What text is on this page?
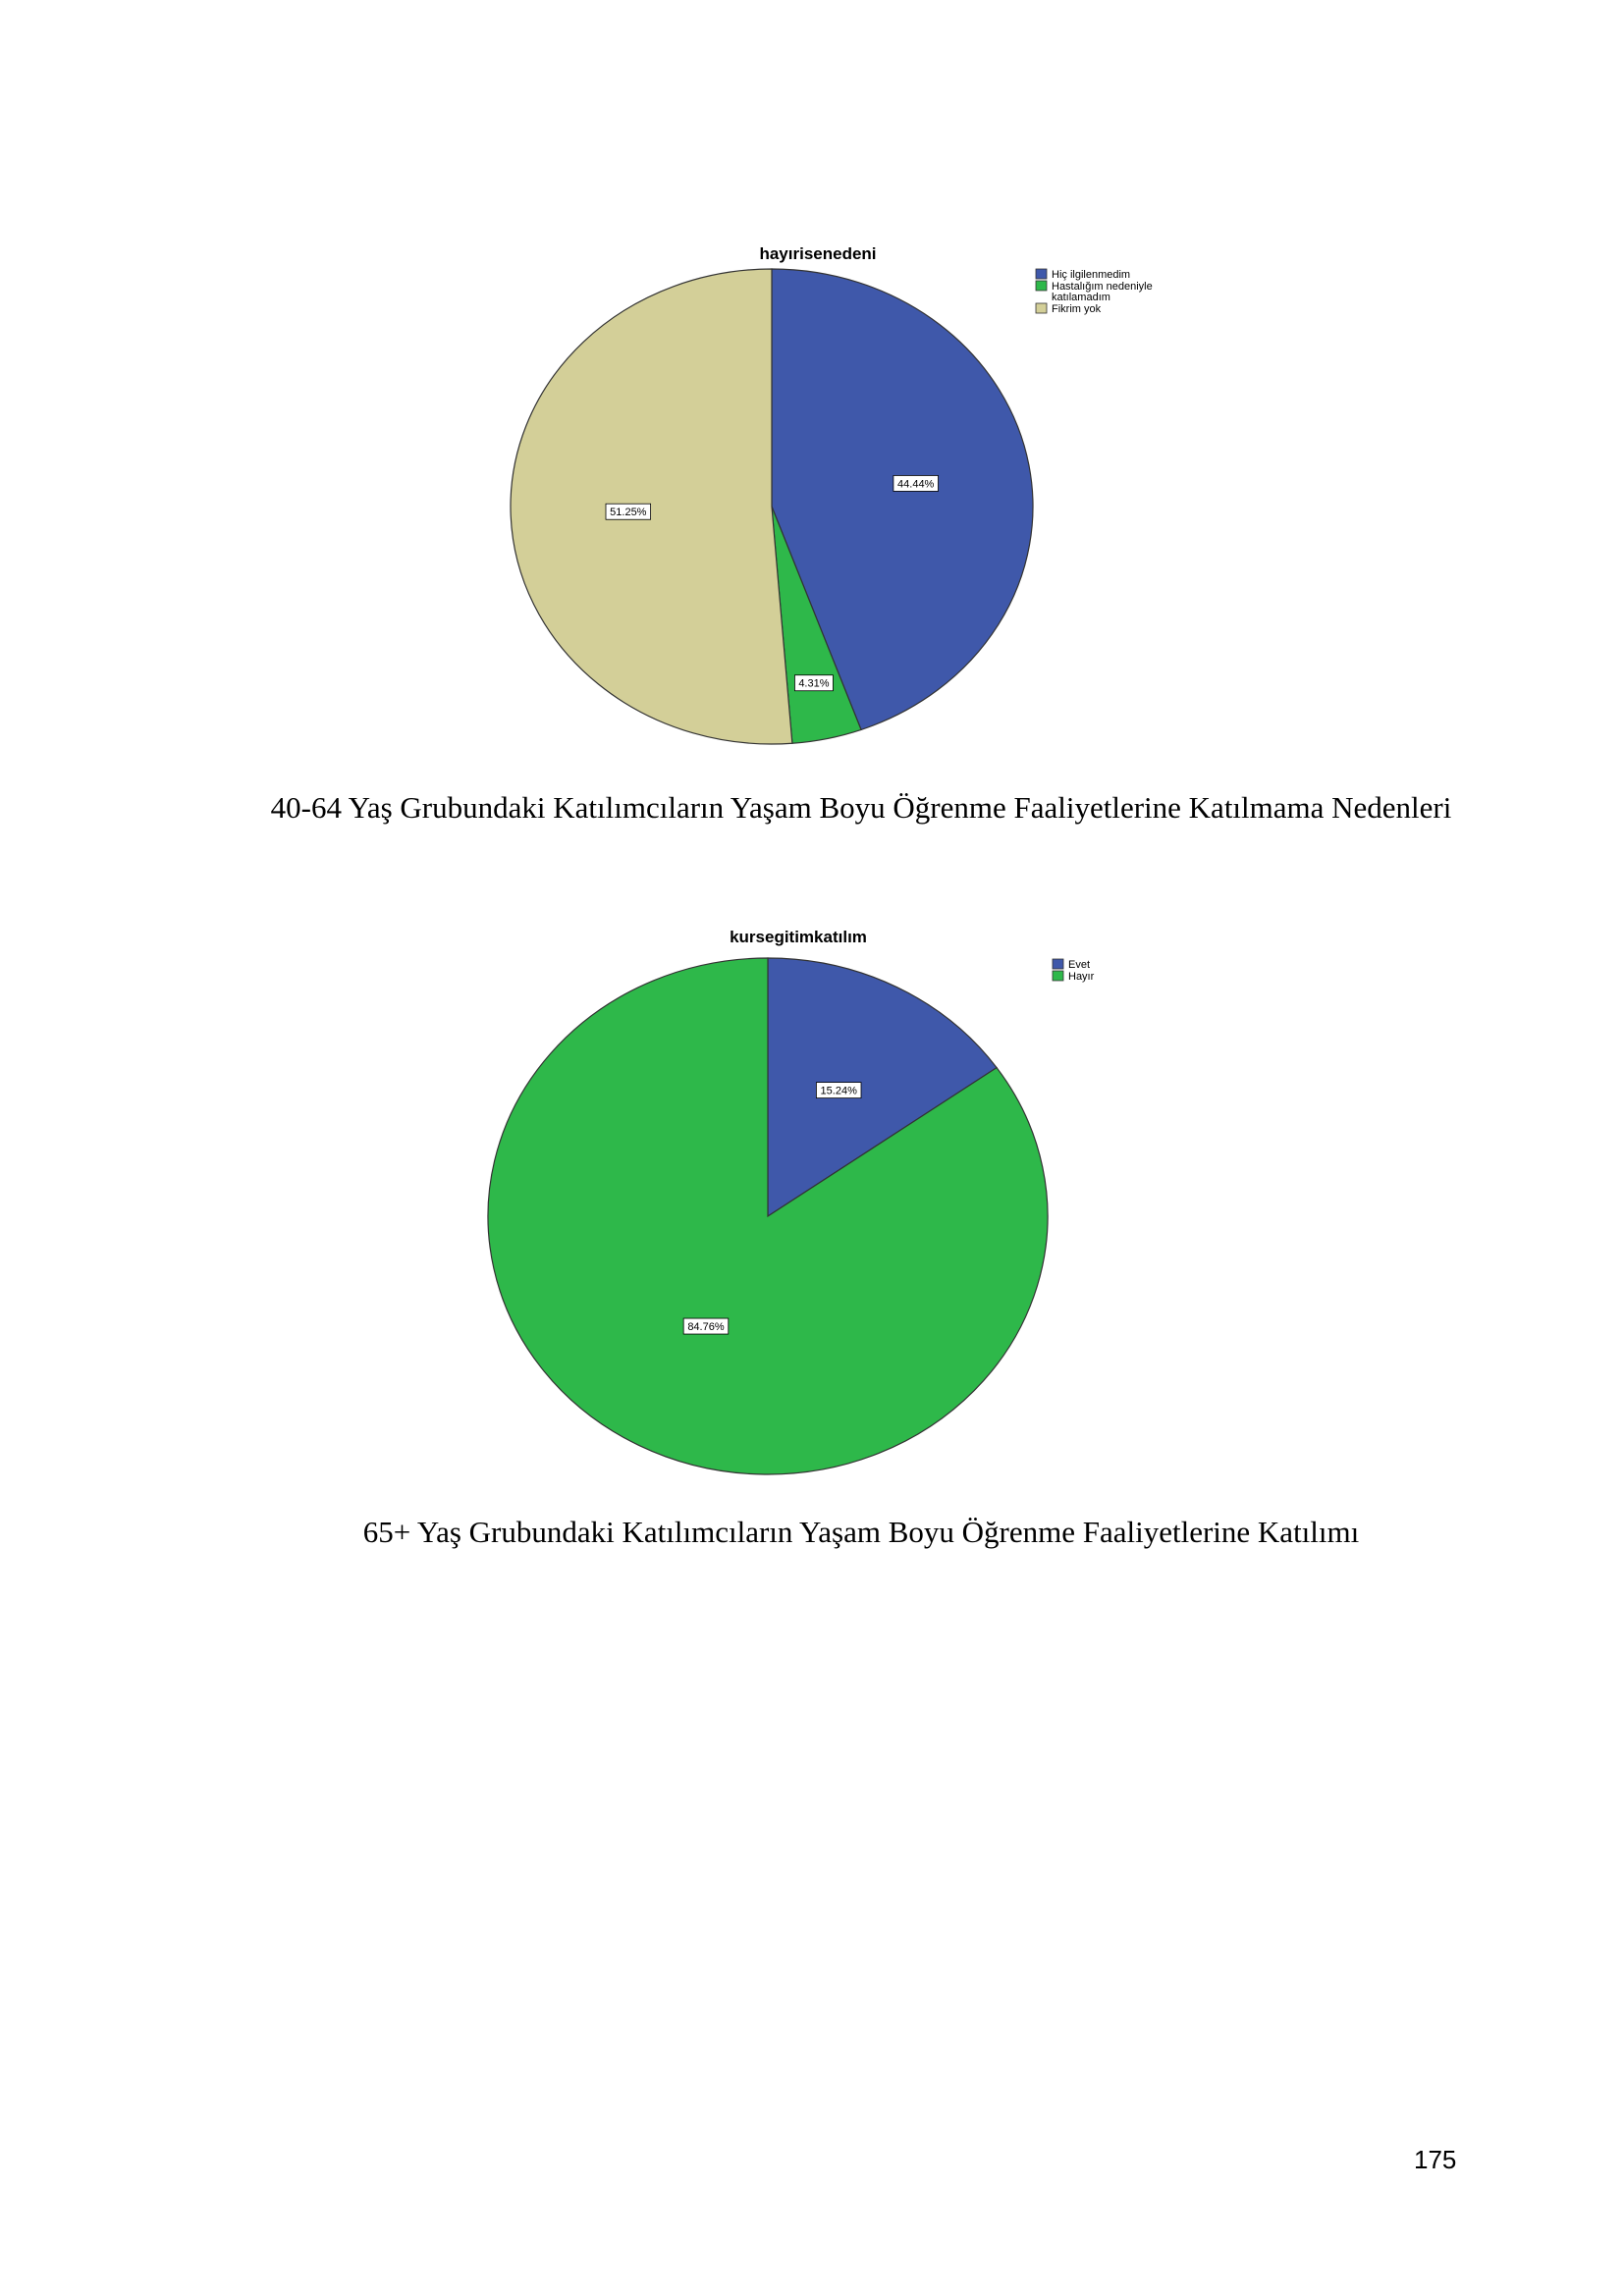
hayırisenedeni
44.44%
4.31%
51.25%
Hiç ilgilenmedim
Hastalığım nedeniyle
katılamadım
Fikrim yok
40-64 Yaş Grubundaki Katılımcıların Yaşam Boyu Öğrenme Faaliyetlerine Katılmama Nedenleri
kursegitimkatılım
15.24%
84.76%
Evet
Hayır
65+ Yaş Grubundaki Katılımcıların Yaşam Boyu Öğrenme Faaliyetlerine Katılımı
175
